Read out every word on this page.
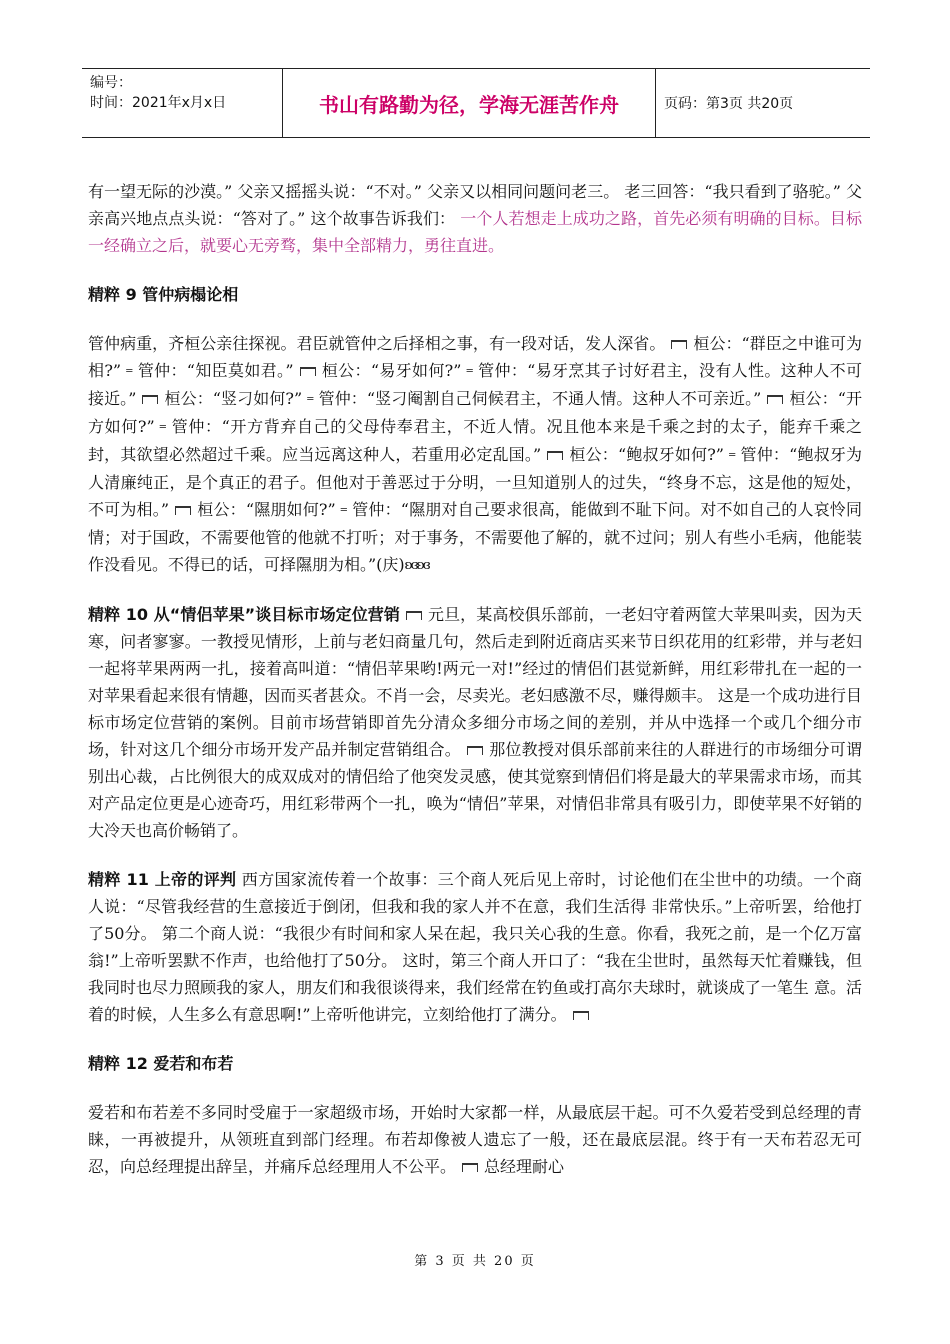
编号：
时间：2021年x月x日	书山有路勤为径，学海无涯苦作舟	页码：第3页 共20页

有一望无际的沙漠。” 父亲又摇摇头说：“不对。” 父亲又以相同问题问老三。 老三回答：“我只看到了骆驼。” 父亲高兴地点点头说：“答对了。” 这个故事告诉我们： 一个人若想走上成功之路，首先必须有明确的目标。目标一经确立之后，就要心无旁骛，集中全部精力，勇往直进。

精粹 9 管仲病榻论相

管仲病重，齐桓公亲往探视。君臣就管仲之后择相之事，有一段对话，发人深省。 桓公：“群臣之中谁可为相?” = 管仲：“知臣莫如君。” 桓公：“易牙如何?” = 管仲：“易牙烹其子讨好君主，没有人性。这种人不可接近。” 桓公：“竖刁如何?” = 管仲：“竖刁阉割自己伺候君主，不通人情。这种人不可亲近。” 桓公：“开方如何?” = 管仲：“开方背弃自己的父母侍奉君主，不近人情。况且他本来是千乘之封的太子，能弃千乘之封，其欲望必然超过千乘。应当远离这种人，若重用必定乱国。” 桓公：“鲍叔牙如何?” = 管仲：“鲍叔牙为人清廉纯正，是个真正的君子。但他对于善恶过于分明，一旦知道别人的过失，“终身不忘，这是他的短处，不可为相。” 桓公：“隰朋如何?” = 管仲：“隰朋对自己要求很高，能做到不耻下问。对不如自己的人哀怜同情；对于国政，不需要他管的他就不打听；对于事务，不需要他了解的，就不过问；别人有些小毛病，他能装作没看见。不得已的话，可择隰朋为相。”(庆)ʚɞʚɞ

精粹 10 从“情侣苹果”谈目标市场定位营销 元旦，某高校俱乐部前，一老妇守着两筐大苹果叫卖，因为天寒，问者寥寥。一教授见情形，上前与老妇商量几句，然后走到附近商店买来节日织花用的红彩带，并与老妇一起将苹果两两一扎，接着高叫道：“情侣苹果哟!两元一对!”经过的情侣们甚觉新鲜，用红彩带扎在一起的一对苹果看起来很有情趣，因而买者甚众。不肖一会，尽卖光。老妇感激不尽，赚得颇丰。 这是一个成功进行目标市场定位营销的案例。目前市场营销即首先分清众多细分市场之间的差别，并从中选择一个或几个细分市场，针对这几个细分市场开发产品并制定营销组合。 那位教授对俱乐部前来往的人群进行的市场细分可谓别出心裁，占比例很大的成双成对的情侣给了他突发灵感，使其觉察到情侣们将是最大的苹果需求市场，而其对产品定位更是心迹奇巧，用红彩带两个一扎，唤为“情侣”苹果，对情侣非常具有吸引力，即使苹果不好销的大冷天也高价畅销了。

精粹 11 上帝的评判 西方国家流传着一个故事：三个商人死后见上帝时，讨论他们在尘世中的功绩。一个商人说：“尽管我经营的生意接近于倒闭，但我和我的家人并不在意，我们生活得 非常快乐。”上帝听罢，给他打了50分。 第二个商人说：“我很少有时间和家人呆在起，我只关心我的生意。你看，我死之前，是一个亿万富翁!”上帝听罢默不作声，也给他打了50分。 这时，第三个商人开口了：“我在尘世时，虽然每天忙着赚钱，但我同时也尽力照顾我的家人，朋友们和我很谈得来，我们经常在钓鱼或打高尔夫球时，就谈成了一笔生 意。活着的时候，人生多么有意思啊!”上帝听他讲完，立刻给他打了满分。

精粹 12 爱若和布若

爱若和布若差不多同时受雇于一家超级市场，开始时大家都一样，从最底层干起。可不久爱若受到总经理的青睐，一再被提升，从领班直到部门经理。布若却像被人遗忘了一般，还在最底层混。终于有一天布若忍无可忍，向总经理提出辞呈，并痛斥总经理用人不公平。 总经理耐心

第 3 页 共 20 页
